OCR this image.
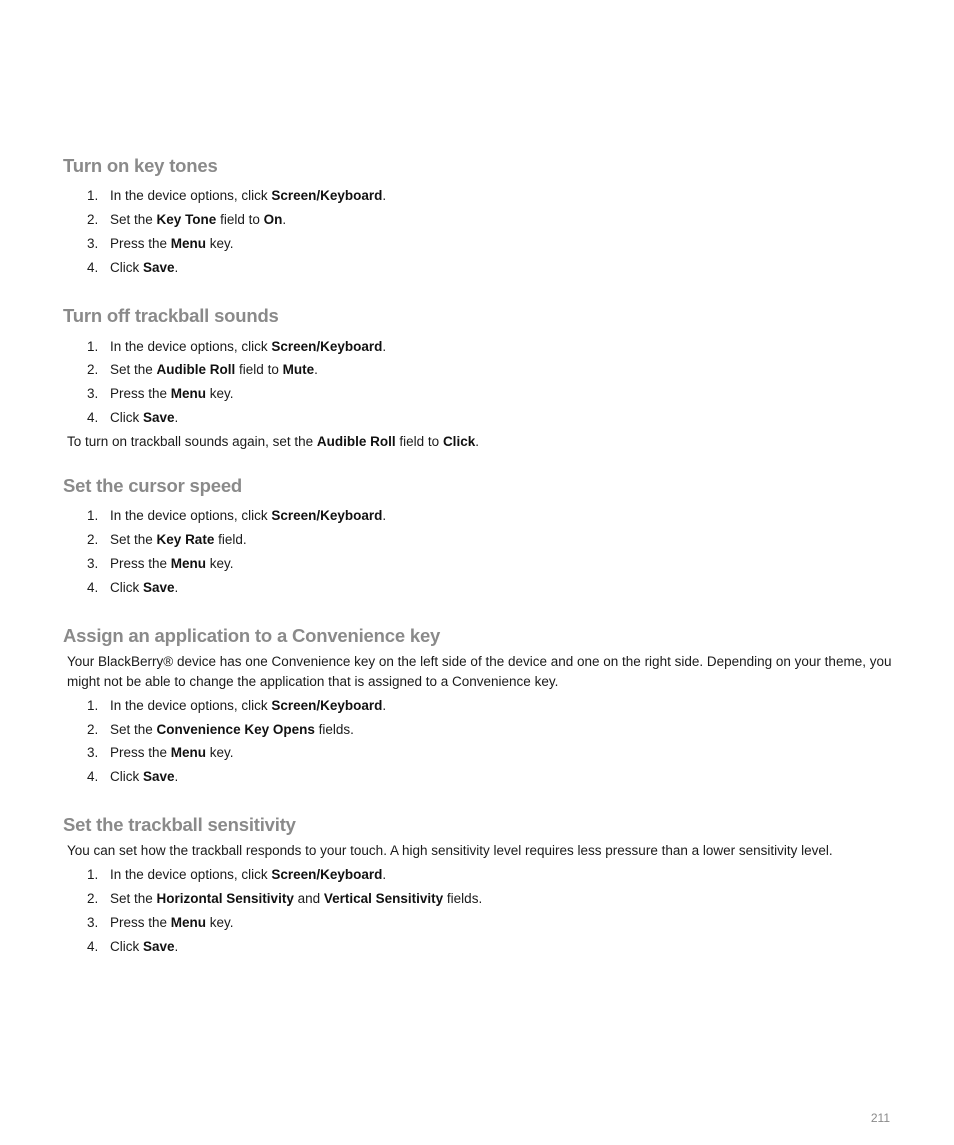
Turn on key tones
1. In the device options, click Screen/Keyboard.
2. Set the Key Tone field to On.
3. Press the Menu key.
4. Click Save.
Turn off trackball sounds
1. In the device options, click Screen/Keyboard.
2. Set the Audible Roll field to Mute.
3. Press the Menu key.
4. Click Save.

To turn on trackball sounds again, set the Audible Roll field to Click.

Set the cursor speed
1. In the device options, click Screen/Keyboard.
2. Set the Key Rate field.
3. Press the Menu key.
4. Click Save.
Assign an application to a Convenience key

Your BlackBerry® device has one Convenience key on the left side of the device and one on the right side. Depending on your theme, you might not be able to change the application that is assigned to a Convenience key.

1. In the device options, click Screen/Keyboard.
2. Set the Convenience Key Opens fields.
3. Press the Menu key.
4. Click Save.
Set the trackball sensitivity

You can set how the trackball responds to your touch. A high sensitivity level requires less pressure than a lower sensitivity level.

1. In the device options, click Screen/Keyboard.
2. Set the Horizontal Sensitivity and Vertical Sensitivity fields.
3. Press the Menu key.
4. Click Save.
211
